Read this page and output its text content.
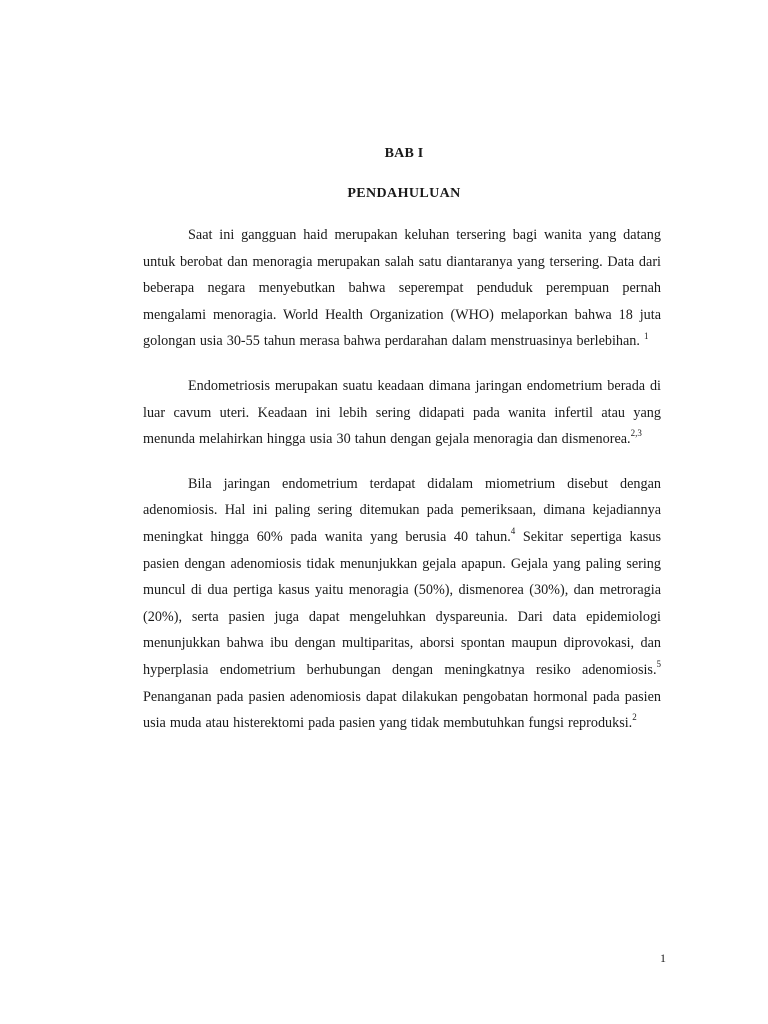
BAB I
PENDAHULUAN

Saat ini gangguan haid merupakan keluhan tersering bagi wanita yang datang untuk berobat dan menoragia merupakan salah satu diantaranya yang tersering. Data dari beberapa negara menyebutkan bahwa seperempat penduduk perempuan pernah mengalami menoragia. World Health Organization (WHO) melaporkan bahwa 18 juta golongan usia 30-55 tahun merasa bahwa perdarahan dalam menstruasinya berlebihan. $^1$

Endometriosis merupakan suatu keadaan dimana jaringan endometrium berada di luar cavum uteri. Keadaan ini lebih sering didapati pada wanita infertil atau yang menunda melahirkan hingga usia 30 tahun dengan gejala menoragia dan dismenorea.$^{2,3}$

Bila jaringan endometrium terdapat didalam miometrium disebut dengan adenomiosis. Hal ini paling sering ditemukan pada pemeriksaan, dimana kejadiannya meningkat hingga 60% pada wanita yang berusia 40 tahun.$^4$ Sekitar sepertiga kasus pasien dengan adenomiosis tidak menunjukkan gejala apapun. Gejala yang paling sering muncul di dua pertiga kasus yaitu menoragia (50%), dismenorea (30%), dan metroragia (20%), serta pasien juga dapat mengeluhkan dyspareunia. Dari data epidemiologi menunjukkan bahwa ibu dengan multiparitas, aborsi spontan maupun diprovokasi, dan hyperplasia endometrium berhubungan dengan meningkatnya resiko adenomiosis.$^5$ Penanganan pada pasien adenomiosis dapat dilakukan pengobatan hormonal pada pasien usia muda atau histerektomi pada pasien yang tidak membutuhkan fungsi reproduksi.$^2$

1
